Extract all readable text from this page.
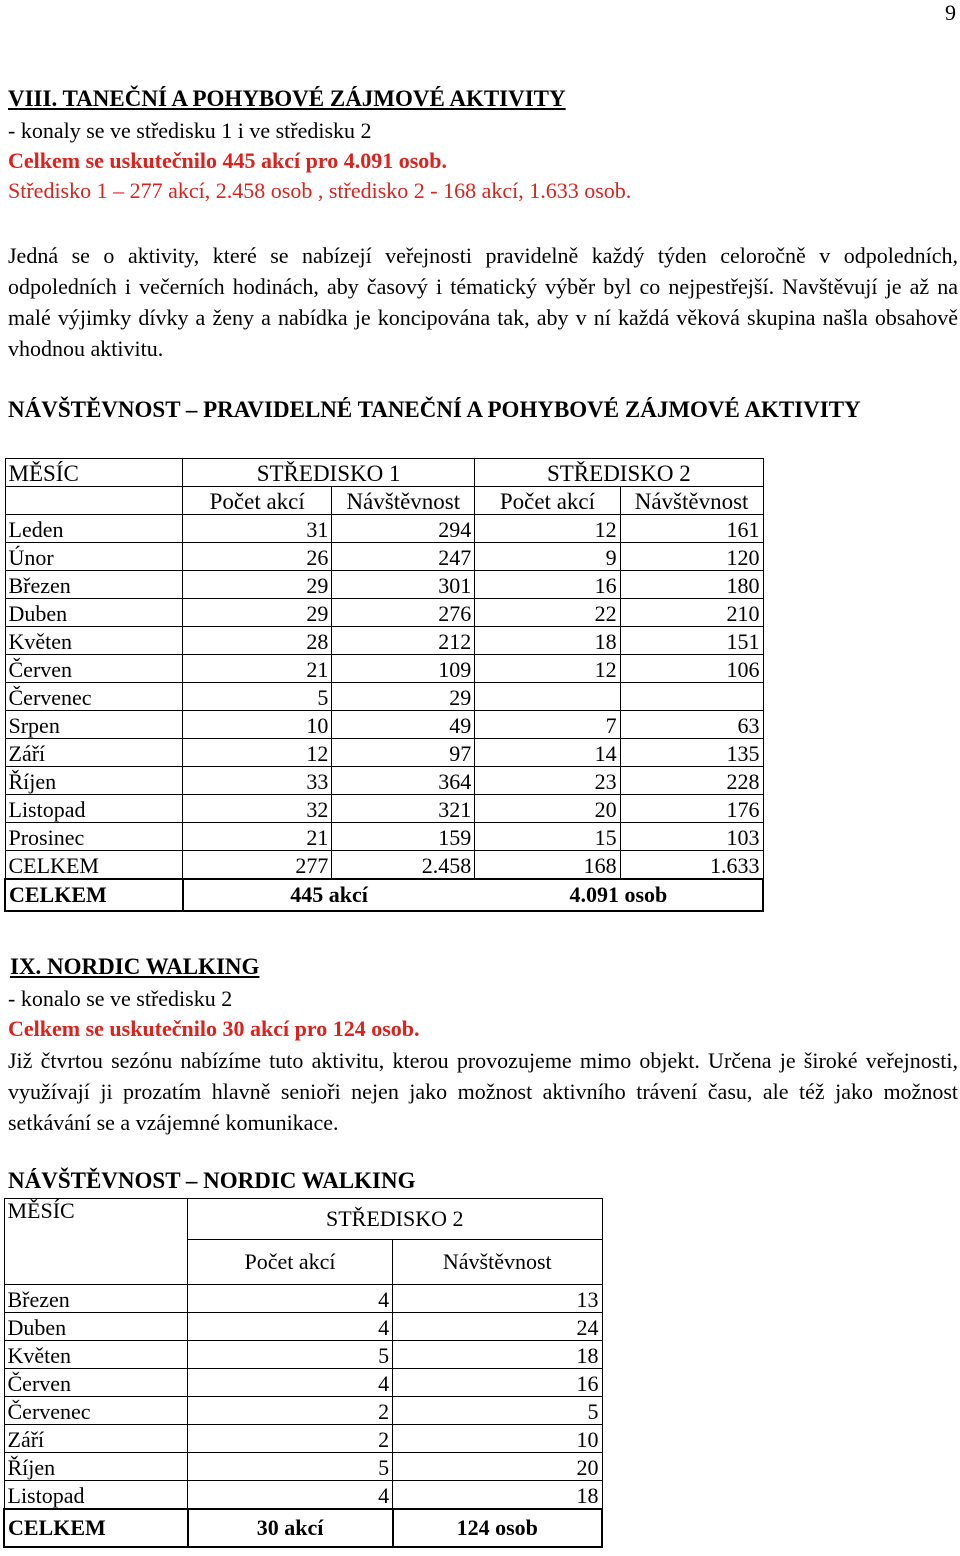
9
VIII. TANEČNÍ A POHYBOVÉ ZÁJMOVÉ AKTIVITY
- konaly se ve středisku 1 i ve středisku 2
Celkem se uskutečnilo 445 akcí pro 4.091 osob.
Středisko 1 – 277 akcí, 2.458 osob , středisko 2 - 168 akcí, 1.633 osob.
Jedná se o aktivity, které se nabízejí veřejnosti pravidelně každý týden celoročně v odpoledních, odpoledních i večerních hodinách, aby časový i tématický výběr byl co nejpestřejší. Navštěvují je až na malé výjimky dívky a ženy a nabídka je koncipována tak, aby v ní každá věková skupina našla obsahově vhodnou aktivitu.
NÁVŠTĚVNOST – PRAVIDELNÉ TANEČNÍ A POHYBOVÉ ZÁJMOVÉ AKTIVITY
MĚSÍC	STŘEDISKO 1		STŘEDISKO 2	
	Počet akcí	Návštěvnost	Počet akcí	Návštěvnost
Leden	31	294	12	161
Únor	26	247	9	120
Březen	29	301	16	180
Duben	29	276	22	210
Květen	28	212	18	151
Červen	21	109	12	106
Červenec	5	29		
Srpen	10	49	7	63
Září	12	97	14	135
Říjen	33	364	23	228
Listopad	32	321	20	176
Prosinec	21	159	15	103
CELKEM	277	2.458	168	1.633
CELKEM	445 akcí		4.091 osob	
IX. NORDIC WALKING
- konalo se ve středisku 2
Celkem se uskutečnilo 30 akcí pro 124 osob.
Již čtvrtou sezónu nabízíme tuto aktivitu, kterou provozujeme mimo objekt. Určena je široké veřejnosti, využívají ji prozatím hlavně senioři nejen jako možnost aktivního trávení času, ale též jako možnost setkávání se a vzájemné komunikace.
NÁVŠTĚVNOST – NORDIC WALKING
MĚSÍC	STŘEDISKO 2	
	Počet akcí	Návštěvnost
Březen	4	13
Duben	4	24
Květen	5	18
Červen	4	16
Červenec	2	5
Září	2	10
Říjen	5	20
Listopad	4	18
CELKEM	30 akcí	124 osob
